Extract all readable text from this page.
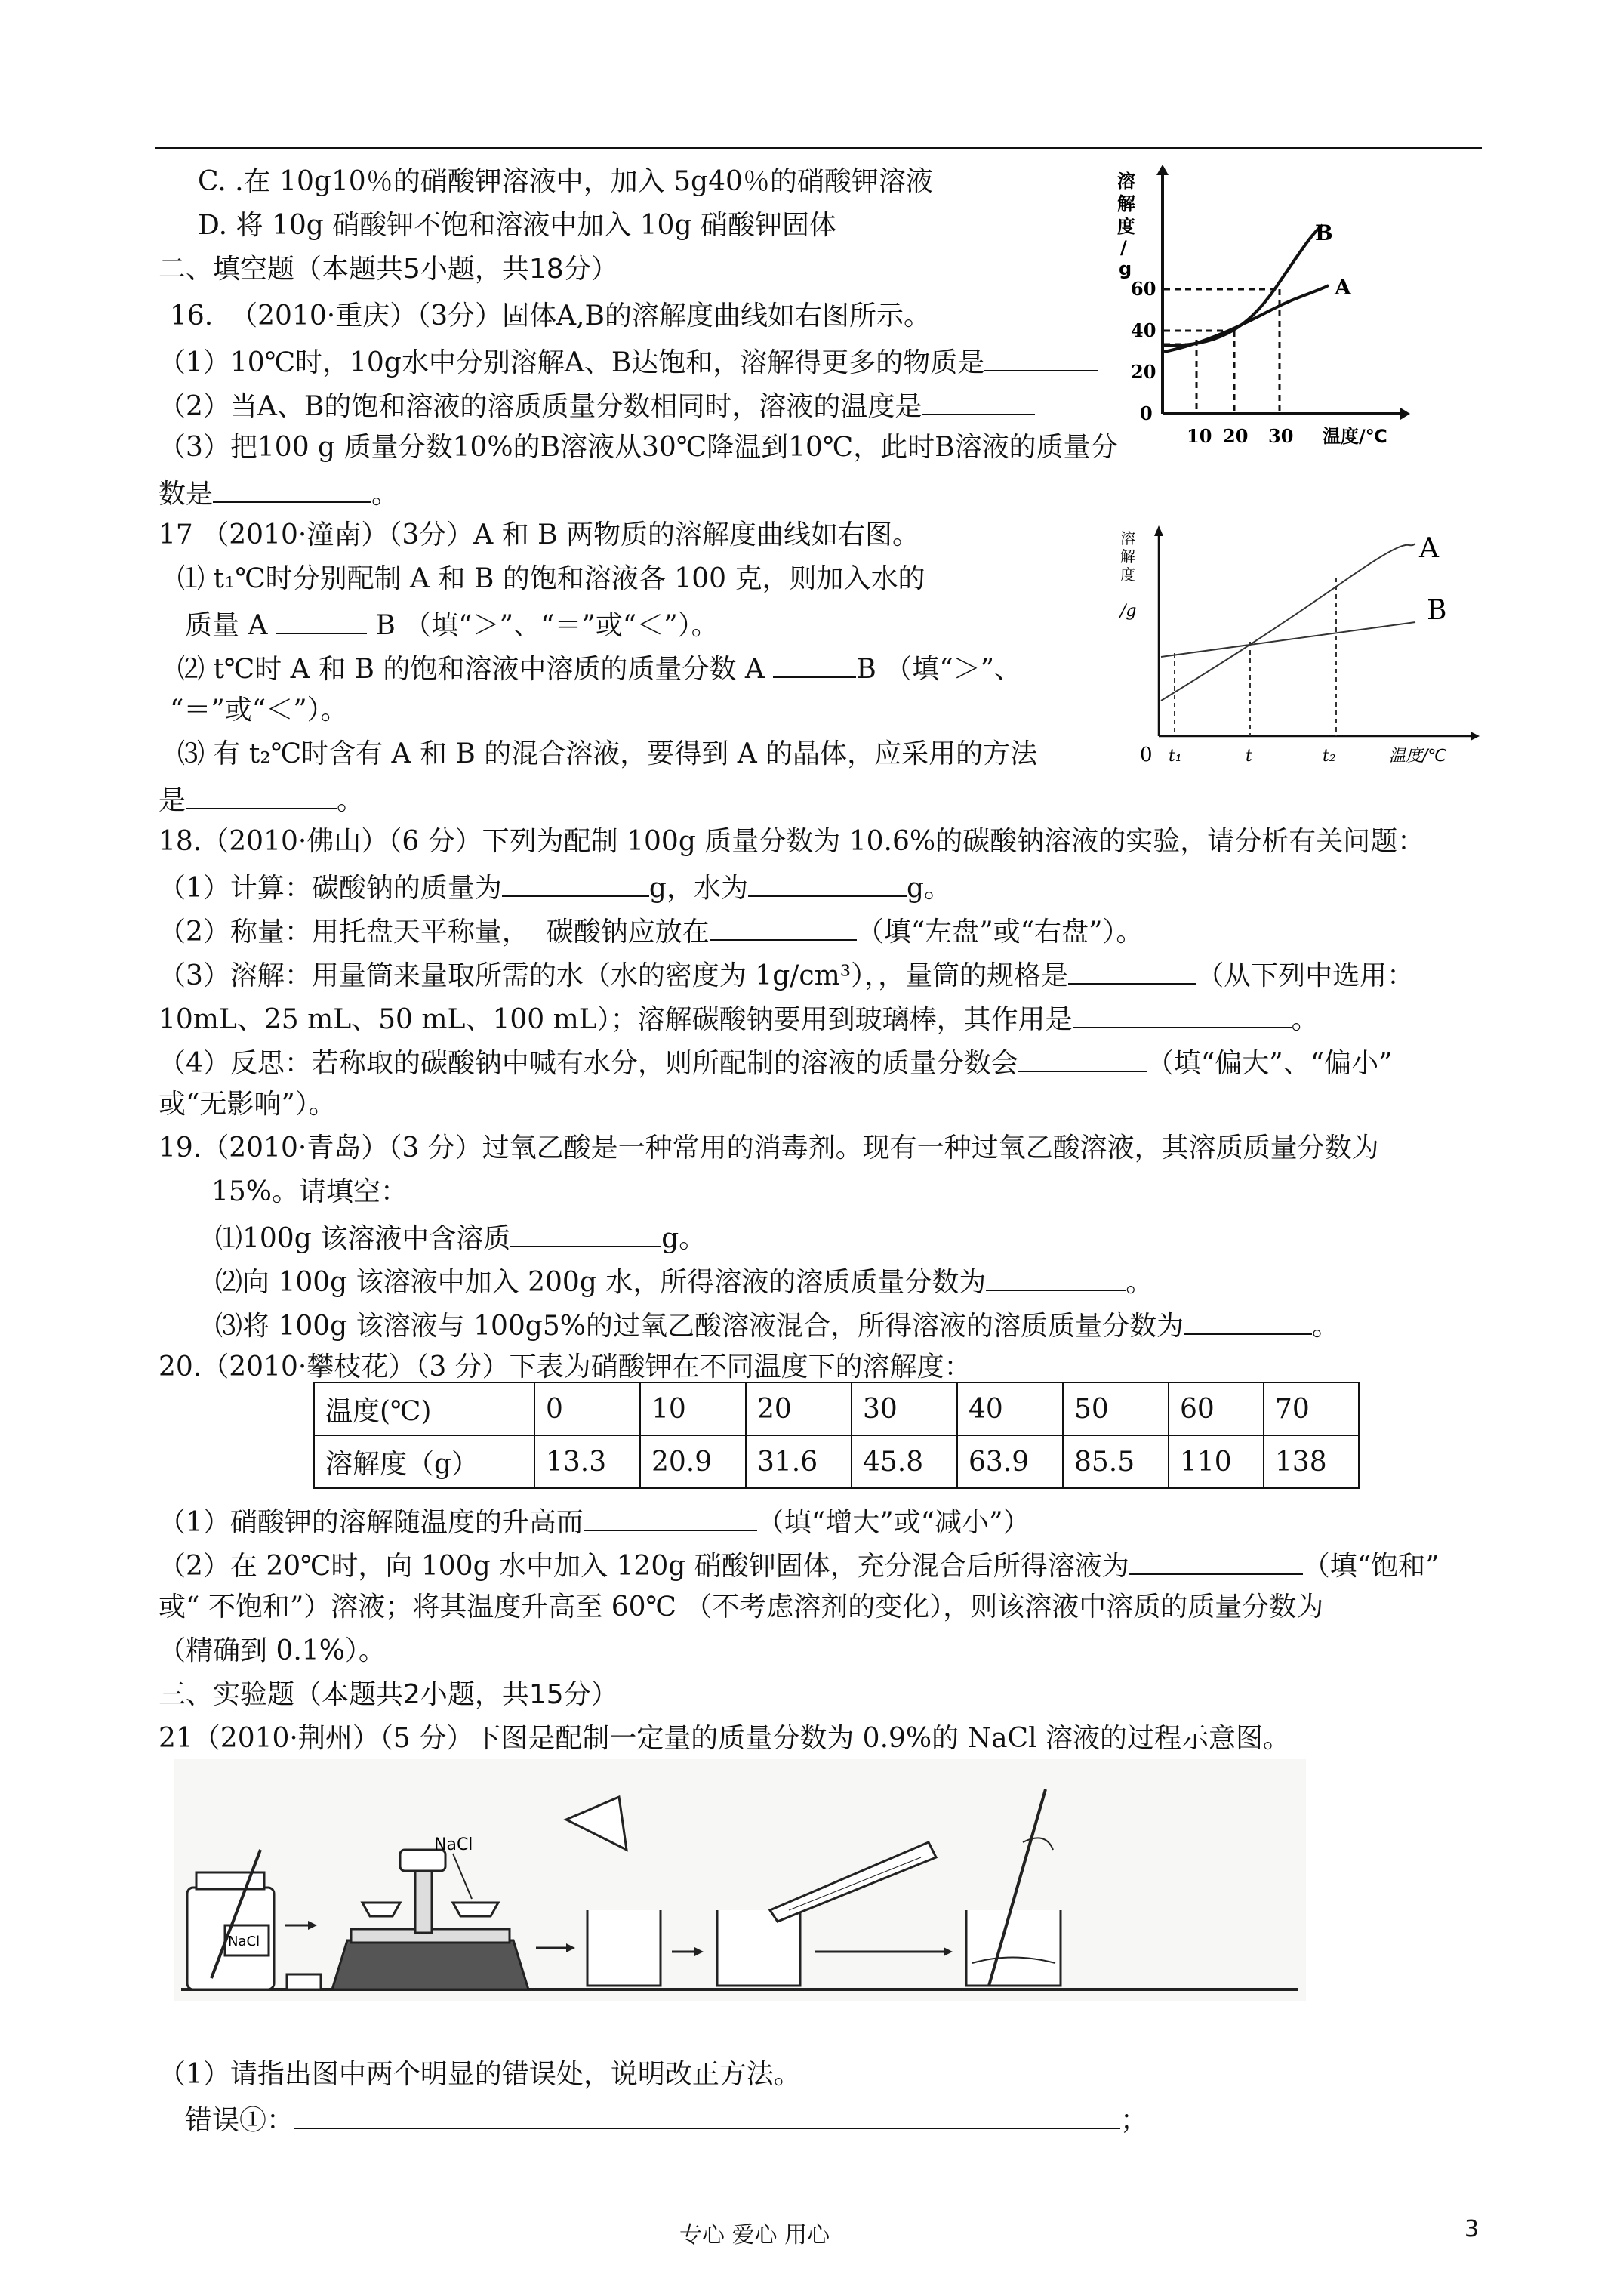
C. .在 10g10％的硝酸钾溶液中，加入 5g40％的硝酸钾溶液
D. 将 10g 硝酸钾不饱和溶液中加入 10g 硝酸钾固体
二、填空题（本题共5小题，共18分）
16.  （2010·重庆）（3分）固体A,B的溶解度曲线如右图所示。
（1）10℃时，10g水中分别溶解A、B达饱和，溶解得更多的物质是
（2）当A、B的饱和溶液的溶质质量分数相同时，溶液的温度是
（3）把100 g 质量分数10%的B溶液从30℃降温到10℃，此时B溶液的质量分
数是	。
溶
解
度
/
g
0
20
40
60
10 20 30 温度/℃
B
A
17 （2010·潼南）（3分）A 和 B 两物质的溶解度曲线如右图。
⑴ t₁℃时分别配制 A 和 B 的饱和溶液各 100 克，则加入水的
质量 A	B （填“＞”、“＝”或“＜”）。
⑵ t℃时 A 和 B 的饱和溶液中溶质的质量分数 A	B （填“＞”、
“＝”或“＜”）。
⑶ 有 t₂℃时含有 A 和 B 的混合溶液，要得到 A 的晶体，应采用的方法
是	。
溶
解
度
/g
0 t₁	t	t₂	温度/℃
A
B
18.（2010·佛山）（6 分）下列为配制 100g 质量分数为 10.6%的碳酸钠溶液的实验，请分析有关问题：
（1）计算：碳酸钠的质量为	g，水为	g。
（2）称量：用托盘天平称量，  碳酸钠应放在	（填“左盘”或“右盘”）。
（3）溶解：用量筒来量取所需的水（水的密度为 1g/cm³），，量筒的规格是	（从下列中选用：
10mL、25 mL、50 mL、100 mL）；溶解碳酸钠要用到玻璃棒，其作用是	。
（4）反思：若称取的碳酸钠中喊有水分，则所配制的溶液的质量分数会	（填“偏大”、“偏小”
或“无影响”）。
19.（2010·青岛）（3 分）过氧乙酸是一种常用的消毒剂。现有一种过氧乙酸溶液，其溶质质量分数为
15%。请填空：
⑴100g 该溶液中含溶质	g。
⑵向 100g 该溶液中加入 200g 水，所得溶液的溶质质量分数为	。
⑶将 100g 该溶液与 100g5%的过氧乙酸溶液混合，所得溶液的溶质质量分数为	。
20.（2010·攀枝花）（3 分）下表为硝酸钾在不同温度下的溶解度：
温度(℃)	0	10	20	30	40	50	60	70
溶解度（g）	13.3	20.9	31.6	45.8	63.9	85.5	110	138
（1）硝酸钾的溶解随温度的升高而	（填“增大”或“减小”）
（2）在 20℃时，向 100g 水中加入 120g 硝酸钾固体，充分混合后所得溶液为	（填“饱和”
或“ 不饱和”）溶液；将其温度升高至 60℃ （不考虑溶剂的变化），则该溶液中溶质的质量分数为
（精确到 0.1%）。
三、实验题（本题共2小题，共15分）
21（2010·荆州）（5 分）下图是配制一定量的质量分数为 0.9%的 NaCl 溶液的过程示意图。
NaCl
NaCl
（1）请指出图中两个明显的错误处，说明改正方法。
错误①：	；
专心 爱心 用心	3
